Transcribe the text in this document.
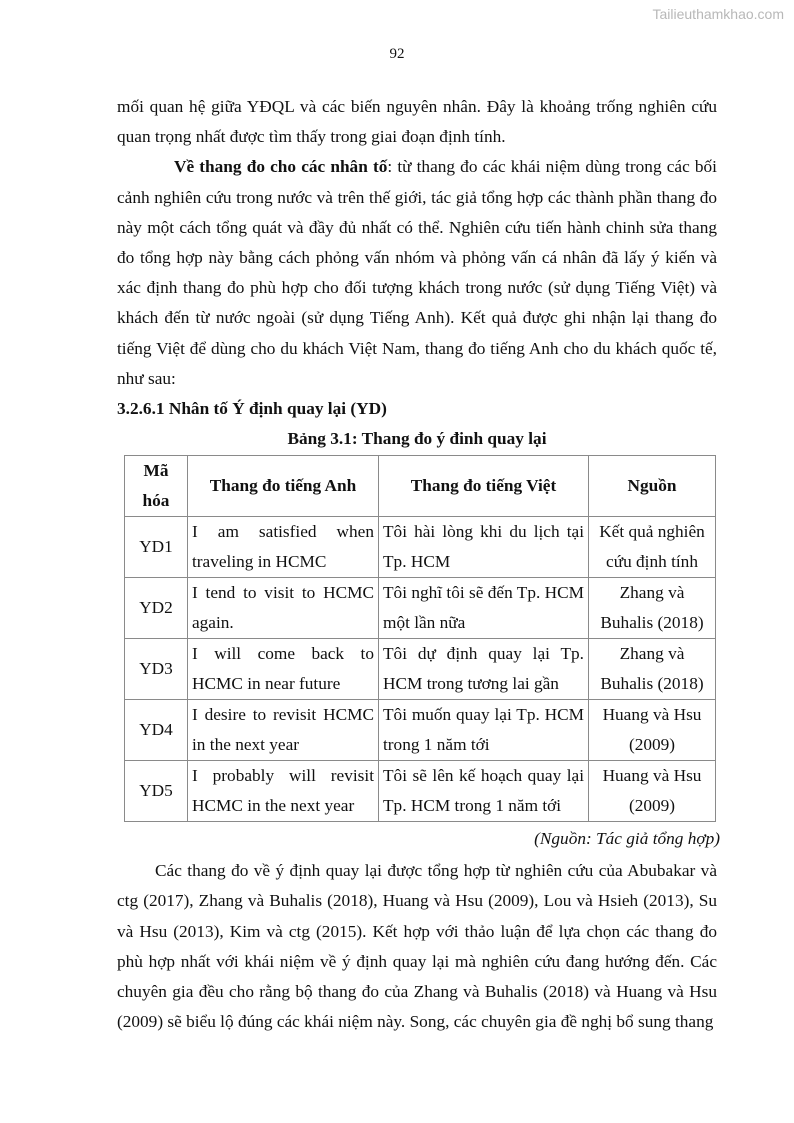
Tailieuthamkhao.com
92

mối quan hệ giữa YĐQL và các biến nguyên nhân. Đây là khoảng trống nghiên cứu quan trọng nhất được tìm thấy trong giai đoạn định tính.

Về thang đo cho các nhân tố: từ thang đo các khái niệm dùng trong các bối cảnh nghiên cứu trong nước và trên thế giới, tác giả tổng hợp các thành phần thang đo này một cách tổng quát và đầy đủ nhất có thể. Nghiên cứu tiến hành chinh sửa thang đo tổng hợp này bằng cách phỏng vấn nhóm và phỏng vấn cá nhân đã lấy ý kiến và xác định thang đo phù hợp cho đối tượng khách trong nước (sử dụng Tiếng Việt) và khách đến từ nước ngoài (sử dụng Tiếng Anh). Kết quả được ghi nhận lại thang đo tiếng Việt để dùng cho du khách Việt Nam, thang đo tiếng Anh cho du khách quốc tế, như sau:

3.2.6.1 Nhân tố Ý định quay lại (YD)

Bảng 3.1: Thang đo ý đinh quay lại

Mã hóa	Thang đo tiếng Anh	Thang đo tiếng Việt	Nguồn
YD1	I am satisfied when traveling in HCMC	Tôi hài lòng khi du lịch tại Tp. HCM	Kết quả nghiên cứu định tính
YD2	I tend to visit to HCMC again.	Tôi nghĩ tôi sẽ đến Tp. HCM một lần nữa	Zhang và Buhalis (2018)
YD3	I will come back to HCMC in near future	Tôi dự định quay lại Tp. HCM trong tương lai gần	Zhang và Buhalis (2018)
YD4	I desire to revisit HCMC in the next year	Tôi muốn quay lại Tp. HCM trong 1 năm tới	Huang và Hsu (2009)
YD5	I probably will revisit HCMC in the next year	Tôi sẽ lên kế hoạch quay lại Tp. HCM trong 1 năm tới	Huang và Hsu (2009)

(Nguồn: Tác giả tổng hợp)

Các thang đo về ý định quay lại được tổng hợp từ nghiên cứu của Abubakar và ctg (2017), Zhang và Buhalis (2018), Huang và Hsu (2009), Lou và Hsieh (2013), Su và Hsu (2013), Kim và ctg (2015). Kết hợp với thảo luận để lựa chọn các thang đo phù hợp nhất với khái niệm về ý định quay lại mà nghiên cứu đang hướng đến. Các chuyên gia đều cho rằng bộ thang đo của Zhang và Buhalis (2018) và Huang và Hsu (2009) sẽ biểu lộ đúng các khái niệm này. Song, các chuyên gia đề nghị bổ sung thang
